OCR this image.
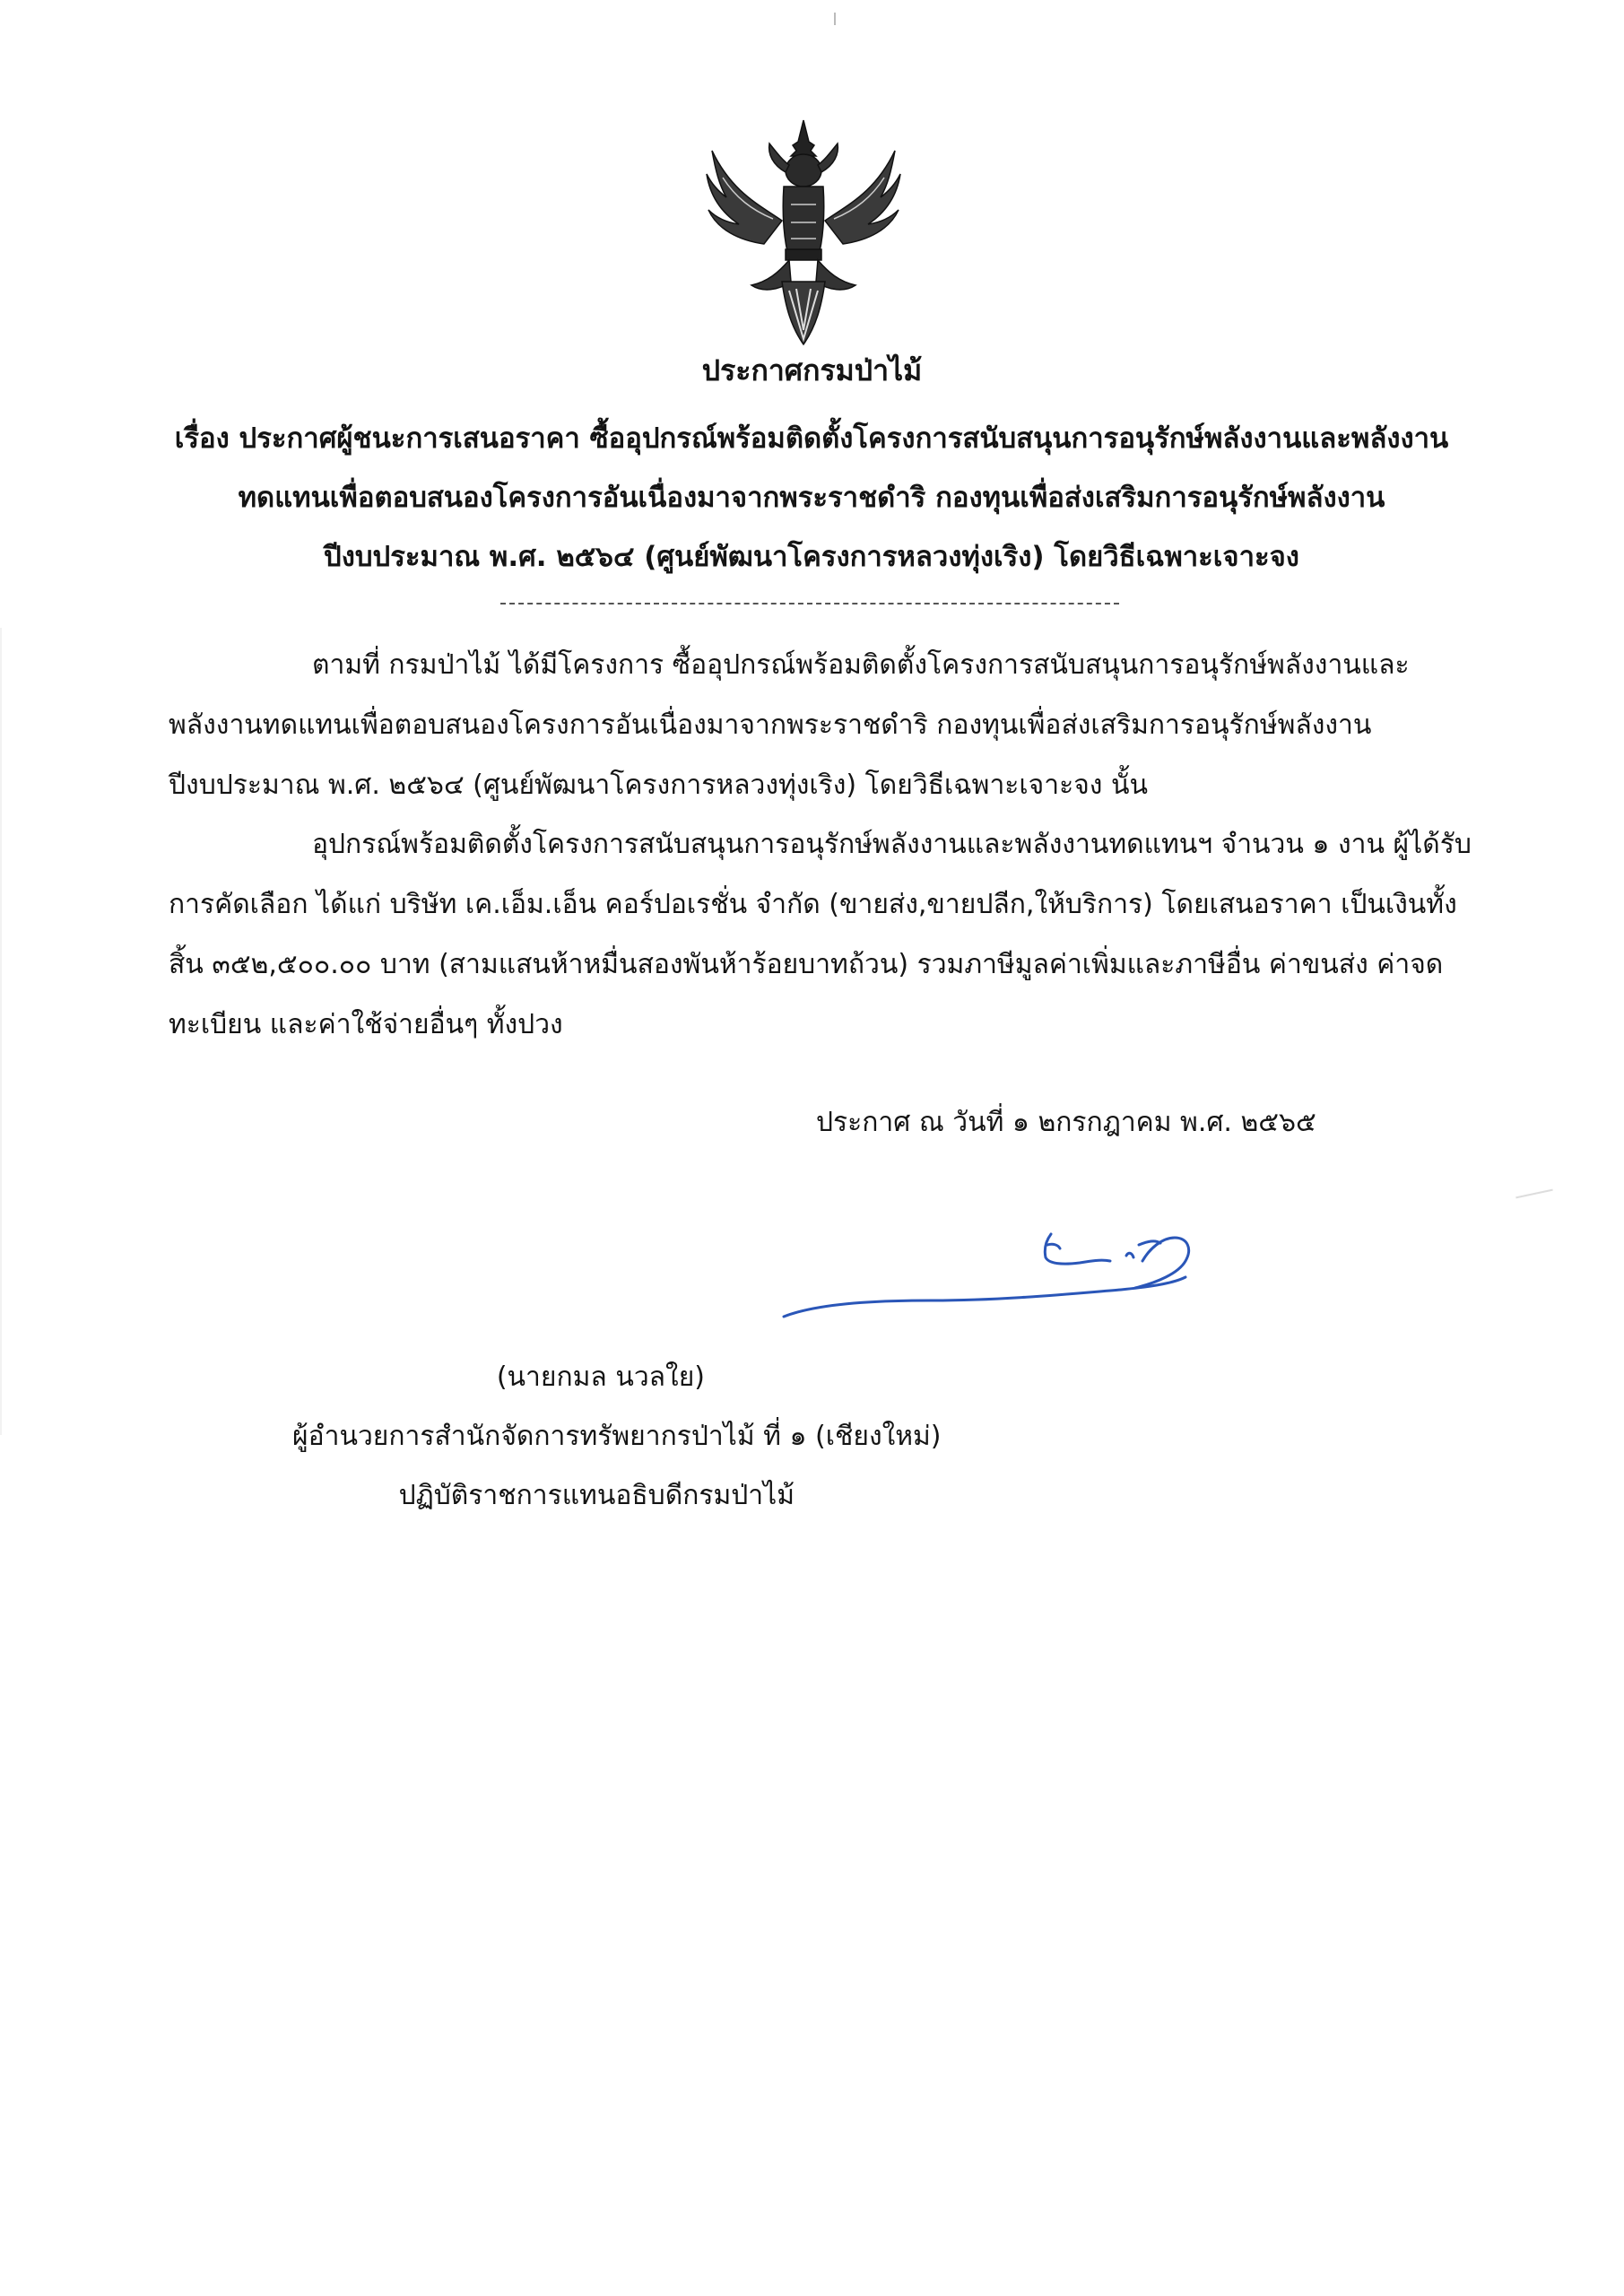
ประกาศกรมป่าไม้
เรื่อง ประกาศผู้ชนะการเสนอราคา ซื้ออุปกรณ์พร้อมติดตั้งโครงการสนับสนุนการอนุรักษ์พลังงานและพลังงาน
ทดแทนเพื่อตอบสนองโครงการอันเนื่องมาจากพระราชดำริ กองทุนเพื่อส่งเสริมการอนุรักษ์พลังงาน
ปีงบประมาณ พ.ศ. ๒๕๖๔ (ศูนย์พัฒนาโครงการหลวงทุ่งเริง) โดยวิธีเฉพาะเจาะจง
ตามที่ กรมป่าไม้ ได้มีโครงการ ซื้ออุปกรณ์พร้อมติดตั้งโครงการสนับสนุนการอนุรักษ์พลังงานและ
พลังงานทดแทนเพื่อตอบสนองโครงการอันเนื่องมาจากพระราชดำริ กองทุนเพื่อส่งเสริมการอนุรักษ์พลังงาน
ปีงบประมาณ พ.ศ. ๒๕๖๔ (ศูนย์พัฒนาโครงการหลวงทุ่งเริง) โดยวิธีเฉพาะเจาะจง นั้น
อุปกรณ์พร้อมติดตั้งโครงการสนับสนุนการอนุรักษ์พลังงานและพลังงานทดแทนฯ จำนวน ๑ งาน ผู้ได้รับ
การคัดเลือก ได้แก่ บริษัท เค.เอ็ม.เอ็น คอร์ปอเรชั่น จำกัด (ขายส่ง,ขายปลีก,ให้บริการ) โดยเสนอราคา เป็นเงินทั้ง
สิ้น ๓๕๒,๕๐๐.๐๐ บาท (สามแสนห้าหมื่นสองพันห้าร้อยบาทถ้วน) รวมภาษีมูลค่าเพิ่มและภาษีอื่น ค่าขนส่ง ค่าจด
ทะเบียน และค่าใช้จ่ายอื่นๆ ทั้งปวง
ประกาศ ณ วันที่ ๑ ๒กรกฎาคม พ.ศ. ๒๕๖๕
(นายกมล นวลใย)
ผู้อำนวยการสำนักจัดการทรัพยากรป่าไม้ ที่ ๑ (เชียงใหม่)
ปฏิบัติราชการแทนอธิบดีกรมป่าไม้
